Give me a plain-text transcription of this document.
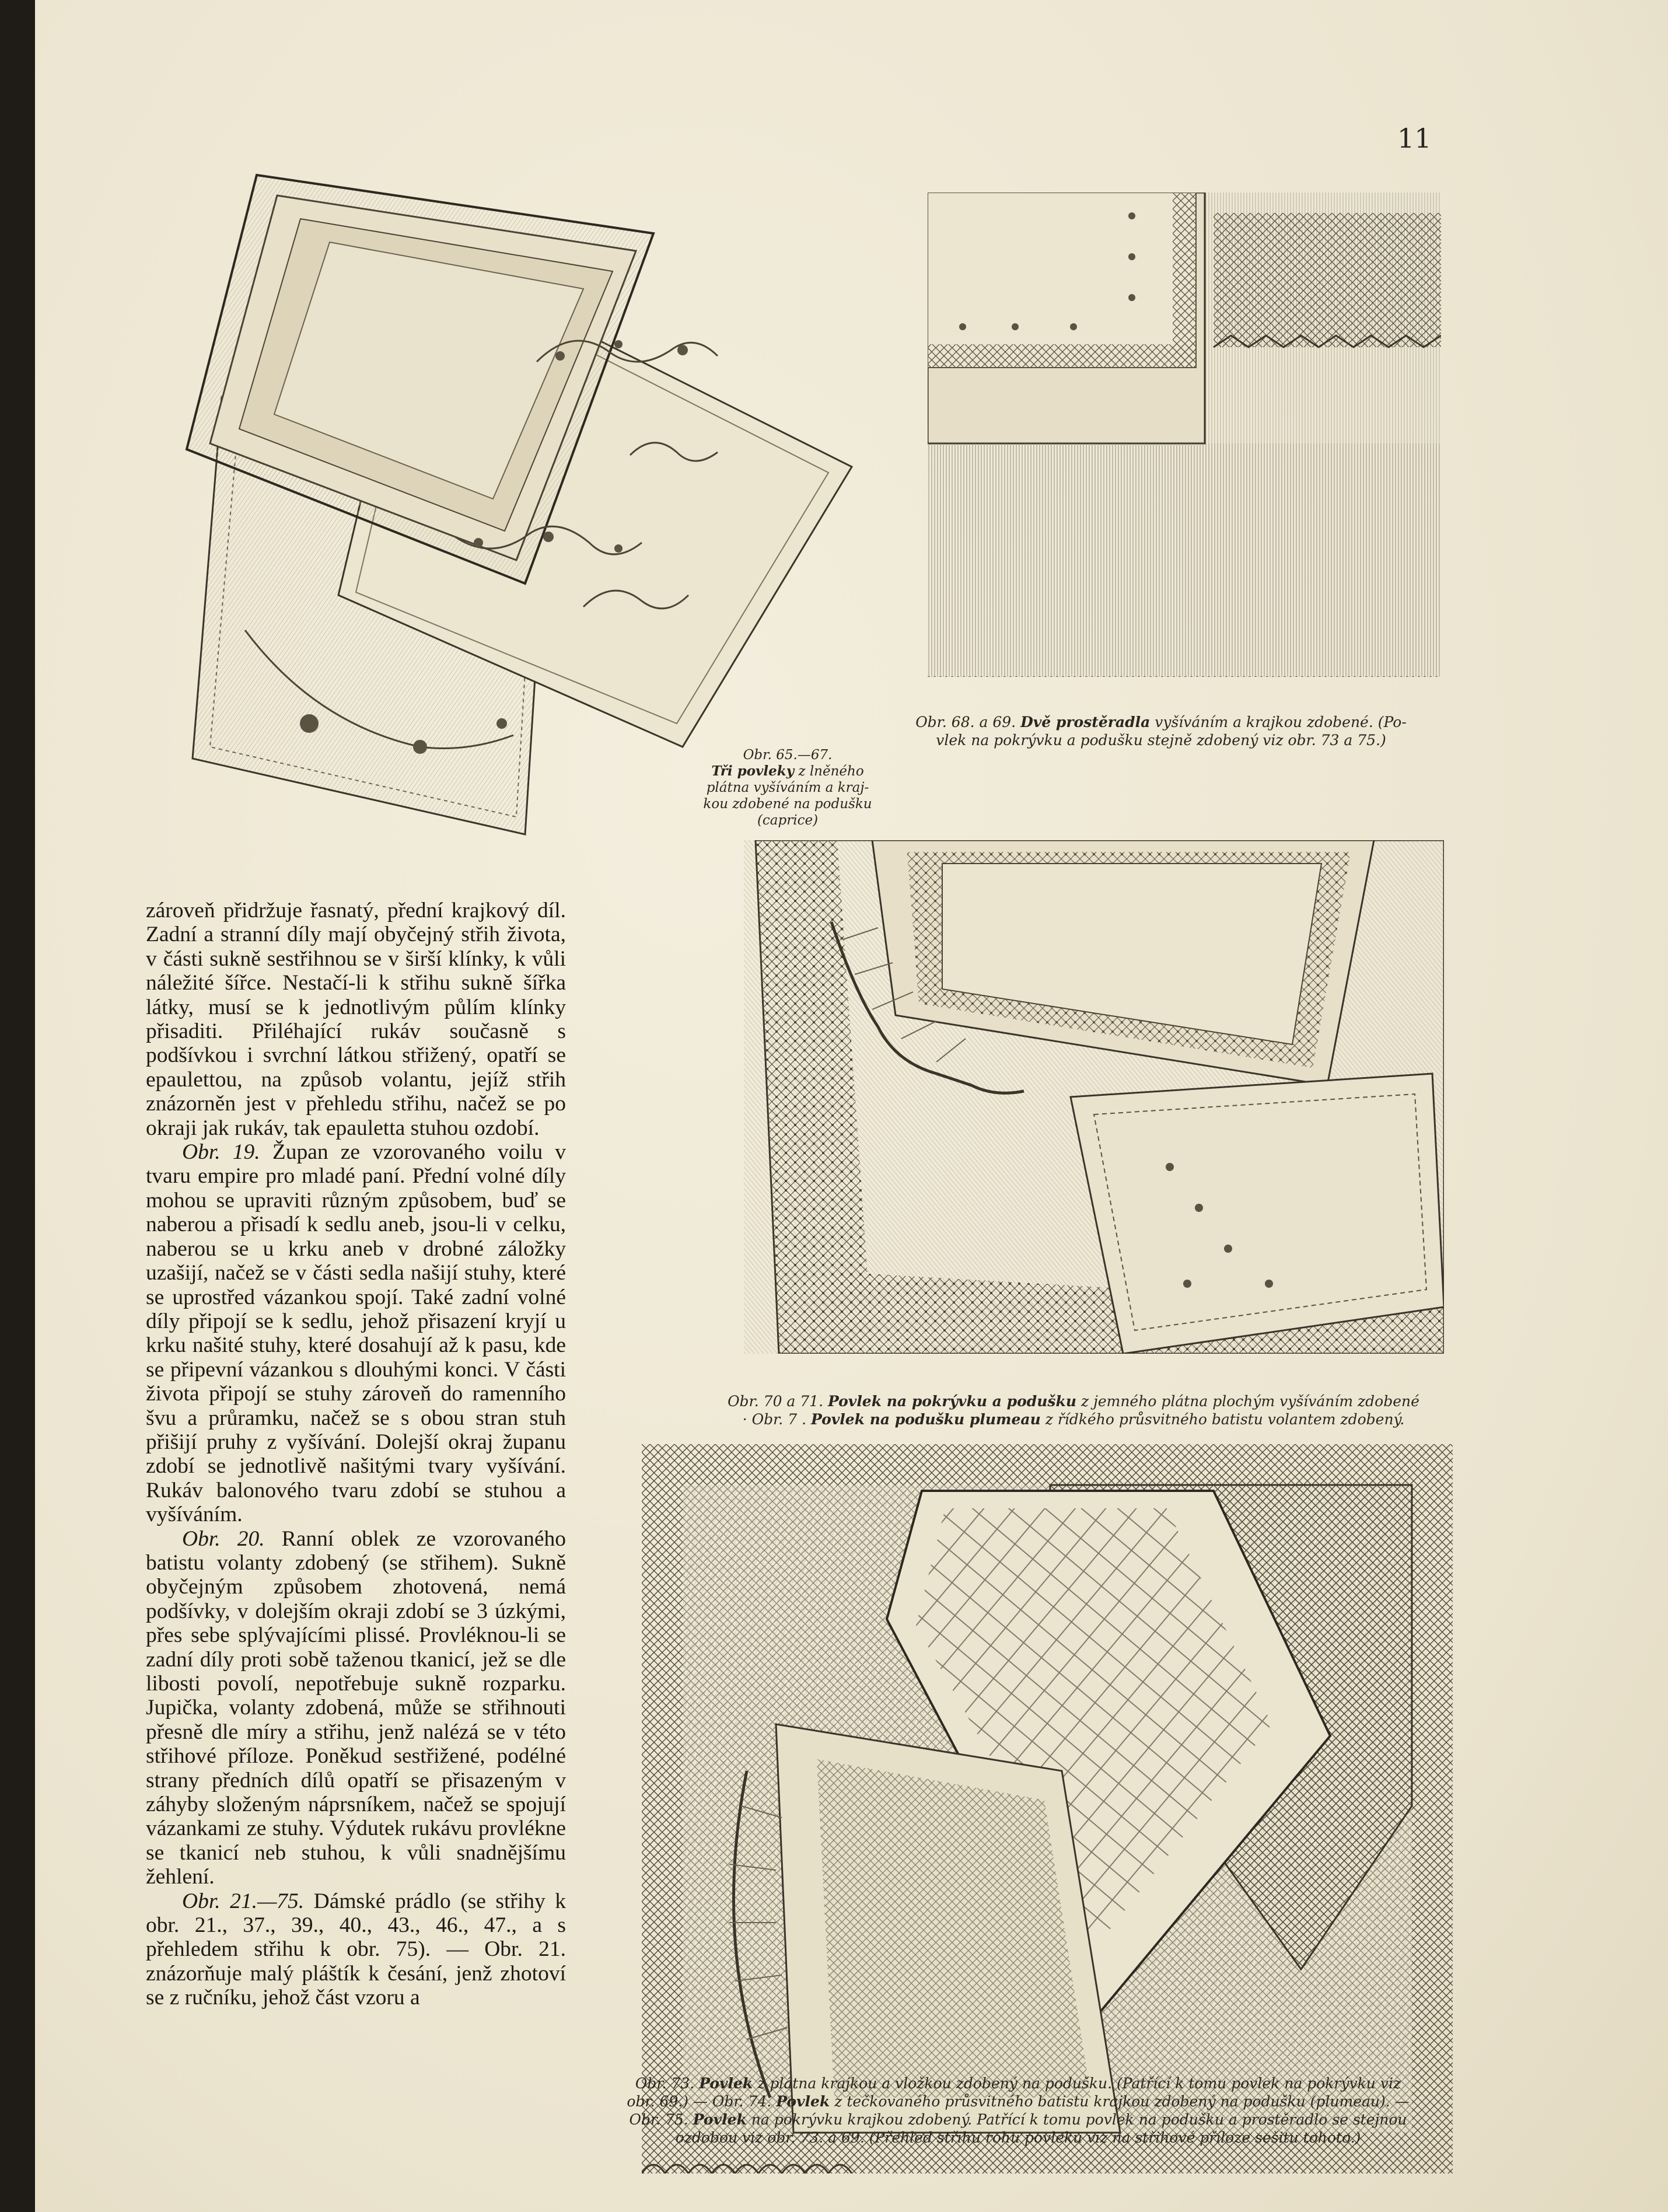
11
Obr. 65.—67.
Tři povleky z lněného
plátna vyšíváním a kraj-
kou zdobené na podušku
(caprice)
Obr. 68. a 69. Dvě prostěradla vyšíváním a krajkou zdobené. (Po-
vlek na pokrývku a podušku stejně zdobený viz obr. 73 a 75.)
Obr. 70 a 71. Povlek na pokrývku a podušku z jemného plátna plochým vyšíváním zdobené
· Obr. 7 . Povlek na podušku plumeau z řídkého průsvitného batistu volantem zdobený.
Obr. 73. Povlek z plátna krajkou a vložkou zdobený na podušku. (Patřící k tomu povlek na pokrývku viz
obr. 69.) — Obr. 74. Povlek z tečkovaného průsvitného batistu krajkou zdobený na podušku (plumeau). —
Obr. 75. Povlek na pokrývku krajkou zdobený. Patřící k tomu povlek na podušku a prostěradlo se stejnou
ozdobou viz obr. 73. a 69. (Přehled střihu rohu povleku viz na střihové příloze sešitu tohoto.)

zároveň přidržuje řasnatý, přední krajkový díl. Zadní a stranní díly mají obyčejný střih života, v části sukně sestřihnou se v širší klínky, k vůli náležité šířce. Nestačí-li k střihu sukně šířka látky, musí se k jednotlivým půlím klínky přisaditi. Přiléhající rukáv současně s podšívkou i svrchní látkou střižený, opatří se epaulettou, na způsob volantu, jejíž střih znázorněn jest v přehledu střihu, načež se po okraji jak rukáv, tak epauletta stuhou ozdobí.

Obr. 19. Župan ze vzorovaného voilu v tvaru empire pro mladé paní. Přední volné díly mohou se upraviti různým způsobem, buď se naberou a přisadí k sedlu aneb, jsou-li v celku, naberou se u krku aneb v drobné záložky uzašijí, načež se v části sedla našijí stuhy, které se uprostřed vázankou spojí. Také zadní volné díly připojí se k sedlu, jehož přisazení kryjí u krku našité stuhy, které dosahují až k pasu, kde se připevní vázankou s dlouhými konci. V části života připojí se stuhy zároveň do ramenního švu a průramku, načež se s obou stran stuh přišijí pruhy z vyšívání. Dolejší okraj županu zdobí se jednotlivě našitými tvary vyšívání. Rukáv balonového tvaru zdobí se stuhou a vyšíváním.

Obr. 20. Ranní oblek ze vzorovaného batistu volanty zdobený (se střihem). Sukně obyčejným způsobem zhotovená, nemá podšívky, v dolejším okraji zdobí se 3 úzkými, přes sebe splývajícími plissé. Provléknou-li se zadní díly proti sobě taženou tkanicí, jež se dle libosti povolí, nepotřebuje sukně rozparku. Jupička, volanty zdobená, může se střihnouti přesně dle míry a střihu, jenž nalézá se v této střihové příloze. Poněkud sestřižené, podélné strany předních dílů opatří se přisazeným v záhyby složeným náprsníkem, načež se spojují vázankami ze stuhy. Výdutek rukávu provlékne se tkanicí neb stuhou, k vůli snadnějšímu žehlení.

Obr. 21.—75. Dámské prádlo (se střihy k obr. 21., 37., 39., 40., 43., 46., 47., a s přehledem střihu k obr. 75). — Obr. 21. znázorňuje malý pláštík k česání, jenž zhotoví se z ručníku, jehož část vzoru a
